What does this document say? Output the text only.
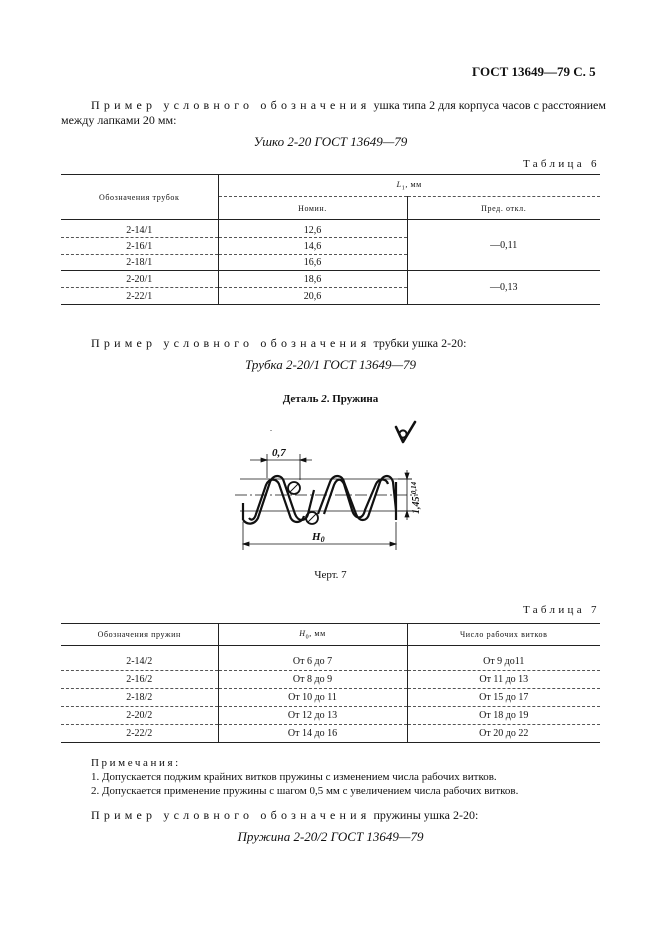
ГОСТ 13649—79 С. 5
Пример условного обозначения ушка типа 2 для корпуса часов с расстоянием
между лапками 20 мм:
Ушко 2-20 ГОСТ 13649—79
Таблица 6
Обозначения трубок	$L_1$, мм	
	Номин.	Пред. откл.
2-14/1	12,6	—0,11
2-16/1	14,6	
2-18/1	16,6	
2-20/1	18,6	—0,13
2-22/1	20,6	
Пример условного обозначения трубки ушка 2-20:
Трубка 2-20/1 ГОСТ 13649—79
Деталь 2. Пружина
.
0,7
$1,45^{-0,14}$
H0
Черт. 7
Таблица 7
Обозначения пружин	$H_0$, мм	Число рабочих витков
2-14/2	От 6 до 7	От 9 до11
2-16/2	От 8 до 9	От 11 до 13
2-18/2	От 10 до 11	От 15 до 17
2-20/2	От 12 до 13	От 18 до 19
2-22/2	От 14 до 16	От 20 до 22
Примечания:
1. Допускается поджим крайних витков пружины с изменением числа рабочих витков.
2. Допускается применение пружины с шагом 0,5 мм с увеличением числа рабочих витков.
Пример условного обозначения пружины ушка 2-20:
Пружина 2-20/2 ГОСТ 13649—79
